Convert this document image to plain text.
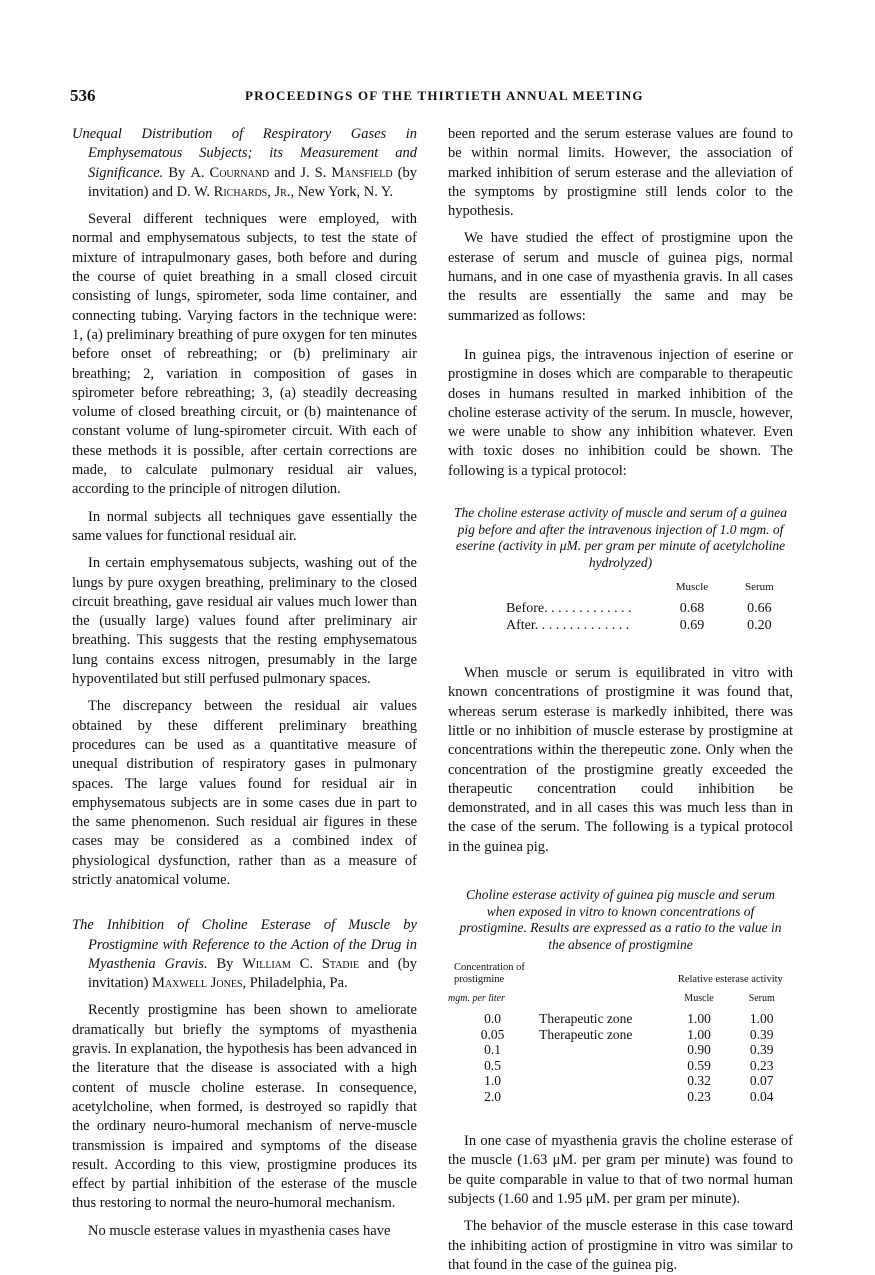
536	PROCEEDINGS OF THE THIRTIETH ANNUAL MEETING

Unequal Distribution of Respiratory Gases in Emphysematous Subjects; its Measurement and Significance. By A. Cournand and J. S. Mansfield (by invitation) and D. W. Richards, Jr., New York, N. Y.

Several different techniques were employed, with normal and emphysematous subjects, to test the state of mixture of intrapulmonary gases, both before and during the course of quiet breathing in a small closed circuit consisting of lungs, spirometer, soda lime container, and connecting tubing. Varying factors in the technique were: 1, (a) preliminary breathing of pure oxygen for ten minutes before onset of rebreathing; or (b) preliminary air breathing; 2, variation in composition of gases in spirometer before rebreathing; 3, (a) steadily decreasing volume of closed breathing circuit, or (b) maintenance of constant volume of lung-spirometer circuit. With each of these methods it is possible, after certain corrections are made, to calculate pulmonary residual air values, according to the principle of nitrogen dilution.

In normal subjects all techniques gave essentially the same values for functional residual air.

In certain emphysematous subjects, washing out of the lungs by pure oxygen breathing, preliminary to the closed circuit breathing, gave residual air values much lower than the (usually large) values found after preliminary air breathing. This suggests that the resting emphysematous lung contains excess nitrogen, presumably in the large hypoventilated but still perfused pulmonary spaces.

The discrepancy between the residual air values obtained by these different preliminary breathing procedures can be used as a quantitative measure of unequal distribution of respiratory gases in pulmonary spaces. The large values found for residual air in emphysematous subjects are in some cases due in part to the same phenomenon. Such residual air figures in these cases may be considered as a combined index of physiological dysfunction, rather than as a measure of strictly anatomical volume.

The Inhibition of Choline Esterase of Muscle by Prostigmine with Reference to the Action of the Drug in Myasthenia Gravis. By William C. Stadie and (by invitation) Maxwell Jones, Philadelphia, Pa.

Recently prostigmine has been shown to ameliorate dramatically but briefly the symptoms of myasthenia gravis. In explanation, the hypothesis has been advanced in the literature that the disease is associated with a high content of muscle choline esterase. In consequence, acetylcholine, when formed, is destroyed so rapidly that the ordinary neuro-humoral mechanism of nerve-muscle transmission is impaired and symptoms of the disease result. According to this view, prostigmine produces its effect by partial inhibition of the esterase of the muscle thus restoring to normal the neuro-humoral mechanism.

No muscle esterase values in myasthenia cases have

been reported and the serum esterase values are found to be within normal limits. However, the association of marked inhibition of serum esterase and the alleviation of the symptoms by prostigmine still lends color to the hypothesis.

We have studied the effect of prostigmine upon the esterase of serum and muscle of guinea pigs, normal humans, and in one case of myasthenia gravis. In all cases the results are essentially the same and may be summarized as follows:

In guinea pigs, the intravenous injection of eserine or prostigmine in doses which are comparable to therapeutic doses in humans resulted in marked inhibition of the choline esterase activity of the serum. In muscle, however, we were unable to show any inhibition whatever. Even with toxic doses no inhibition could be shown. The following is a typical protocol:

The choline esterase activity of muscle and serum of a guinea pig before and after the intravenous injection of 1.0 mgm. of eserine (activity in μM. per gram per minute of acetylcholine hydrolyzed)
	Muscle	Serum
Before. . . . . . . . . . . . .	0.68	0.66
After. . . . . . . . . . . . . .	0.69	0.20

When muscle or serum is equilibrated in vitro with known concentrations of prostigmine it was found that, whereas serum esterase is markedly inhibited, there was little or no inhibition of muscle esterase by prostigmine at concentrations within the therepeutic zone. Only when the concentration of the prostigmine greatly exceeded the therapeutic concentration could inhibition be demonstrated, and in all cases this was much less than in the case of the serum. The following is a typical protocol in the guinea pig.

Choline esterase activity of guinea pig muscle and serum when exposed in vitro to known concentrations of prostigmine. Results are expressed as a ratio to the value in the absence of prostigmine
Concentration of prostigmine		Relative esterase activity	
mgm. per liter		Muscle	Serum
0.0	Therapeutic zone	1.00	1.00
0.05	Therapeutic zone	1.00	0.39
0.1		0.90	0.39
0.5		0.59	0.23
1.0		0.32	0.07
2.0		0.23	0.04

In one case of myasthenia gravis the choline esterase of the muscle (1.63 μM. per gram per minute) was found to be quite comparable in value to that of two normal human subjects (1.60 and 1.95 μM. per gram per minute).

The behavior of the muscle esterase in this case toward the inhibiting action of prostigmine in vitro was similar to that found in the case of the guinea pig.
